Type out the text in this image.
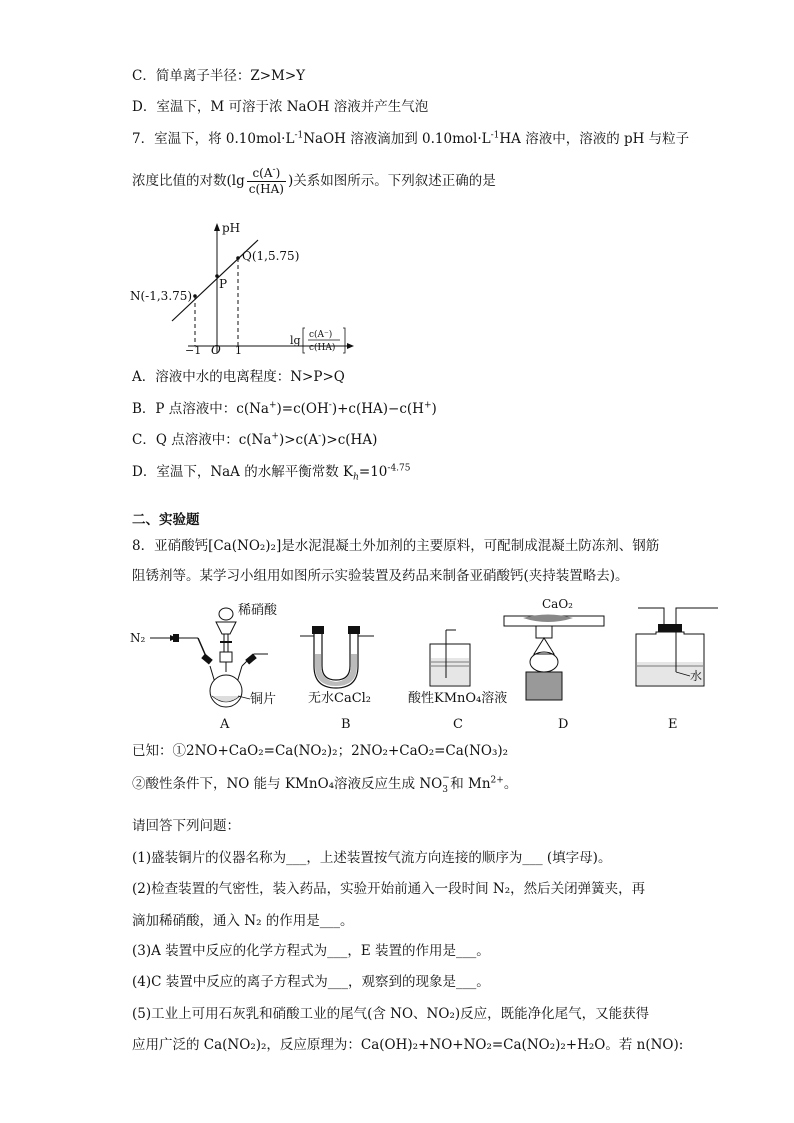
C．简单离子半径：Z>M>Y
D．室温下，M 可溶于浓 NaOH 溶液并产生气泡
7．室温下，将 $0.10mol\cdot L^{-1}NaOH$ 溶液滴加到 $0.10mol\cdot L^{-1}HA$ 溶液中，溶液的 pH 与粒子
浓度比值的对数($\lg \frac{c(A^-)}{c(HA)}$ )关系如图所示。下列叙述正确的是
pH
Q(1,5.75)
N(-1,3.75)
P
−1 O 1
lg c(A⁻)
c(HA)
A．溶液中水的电离程度：N>P>Q
B．P 点溶液中：c(Na+)=c(OH-)+c(HA)−c(H+)
C．Q 点溶液中：c(Na+)>c(A-)>c(HA)
D．室温下，NaA 的水解平衡常数 $K_h=10^{-4.75}$
二、实验题
8．亚硝酸钙[Ca(NO₂)₂]是水泥混凝土外加剂的主要原料，可配制成混凝土防冻剂、钢筋
阻锈剂等。某学习小组用如图所示实验装置及药品来制备亚硝酸钙(夹持装置略去)。
N₂
稀硝酸
铜片
A
无水CaCl₂
B
酸性KMnO₄溶液
C
CaO₂
D
水
E
已知：①2NO+CaO₂=Ca(NO₂)₂；2NO₂+CaO₂=Ca(NO₃)₂
②酸性条件下，NO 能与 KMnO₄溶液反应生成 NO −
3 和 $Mn^{2+}$。
请回答下列问题：
(1)盛装铜片的仪器名称为___，上述装置按气流方向连接的顺序为___ (填字母)。
(2)检查装置的气密性，装入药品，实验开始前通入一段时间 N₂，然后关闭弹簧夹，再
滴加稀硝酸，通入 N₂ 的作用是___。
(3)A 装置中反应的化学方程式为___，E 装置的作用是___。
(4)C 装置中反应的离子方程式为___，观察到的现象是___。
(5)工业上可用石灰乳和硝酸工业的尾气(含 NO、NO₂)反应，既能净化尾气，又能获得
应用广泛的 Ca(NO₂)₂，反应原理为：Ca(OH)₂+NO+NO₂=Ca(NO₂)₂+H₂O。若 n(NO):
